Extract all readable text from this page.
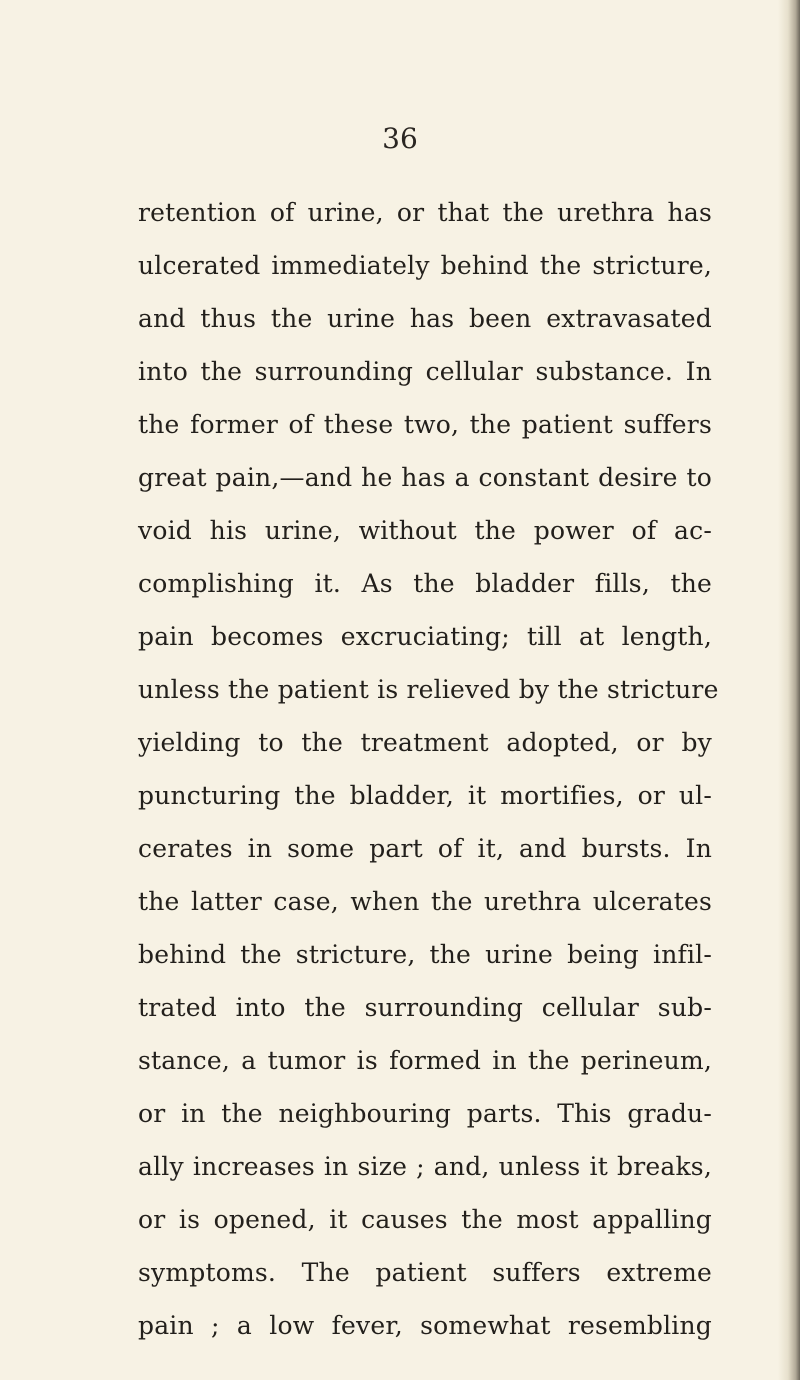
36
retention of urine, or that the urethra has
ulcerated immediately behind the stricture,
and thus the urine has been extravasated
into the surrounding cellular substance. In
the former of these two, the patient suffers
great pain,—and he has a constant desire to
void his urine, without the power of ac-
complishing it. As the bladder fills, the
pain becomes excruciating; till at length,
unless the patient is relieved by the stricture
yielding to the treatment adopted, or by
puncturing the bladder, it mortifies, or ul-
cerates in some part of it, and bursts. In
the latter case, when the urethra ulcerates
behind the stricture, the urine being infil-
trated into the surrounding cellular sub-
stance, a tumor is formed in the perineum,
or in the neighbouring parts. This gradu-
ally increases in size ; and, unless it breaks,
or is opened, it causes the most appalling
symptoms. The patient suffers extreme
pain ; a low fever, somewhat resembling
